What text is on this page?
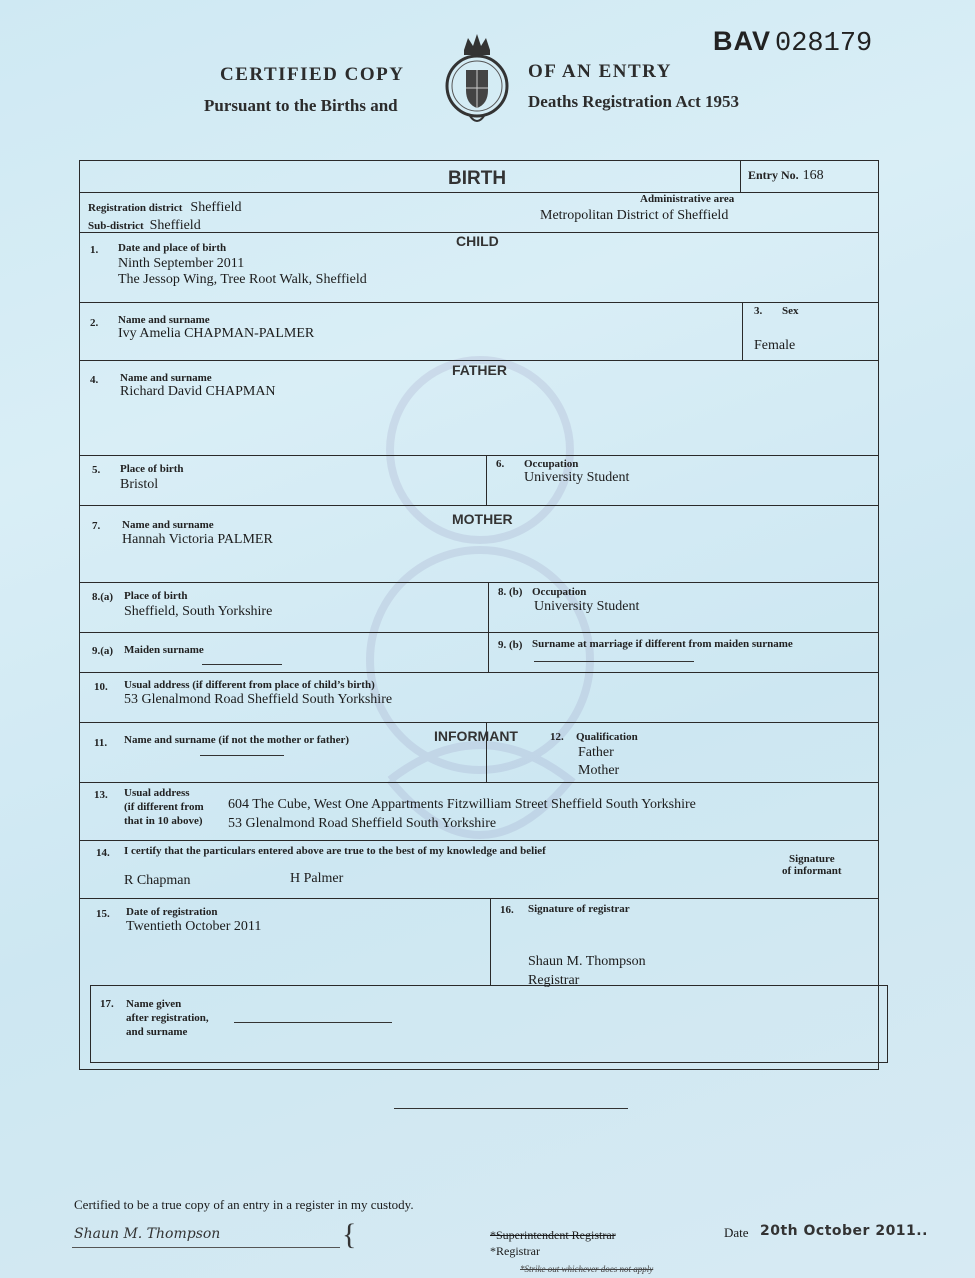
BAV 028179
CERTIFIED COPY
Pursuant to the Births and
OF AN ENTRY
Deaths Registration Act 1953
BIRTH	Entry No. 168
Registration district Sheffield
Sub-district Sheffield
Administrative area
Metropolitan District of Sheffield
CHILD
1. Date and place of birth
Ninth September 2011
The Jessop Wing, Tree Root Walk, Sheffield
2. Name and surname
Ivy Amelia CHAPMAN-PALMER
3. Sex
Female
FATHER
4. Name and surname
Richard David CHAPMAN
5. Place of birth
Bristol
6. Occupation
University Student
MOTHER
7. Name and surname
Hannah Victoria PALMER
8.(a) Place of birth
Sheffield, South Yorkshire
8. (b) Occupation
University Student
9.(a) Maiden surname	9. (b) Surname at marriage if different from maiden surname
10. Usual address (if different from place of child’s birth)
53 Glenalmond Road Sheffield South Yorkshire
INFORMANT
11. Name and surname (if not the mother or father)	12. Qualification
Father
Mother
13. Usual address
(if different from
that in 10 above)
604 The Cube, West One Appartments Fitzwilliam Street Sheffield South Yorkshire
53 Glenalmond Road Sheffield South Yorkshire
14. I certify that the particulars entered above are true to the best of my knowledge and belief
R Chapman	H Palmer
Signature
of informant
15. Date of registration
Twentieth October 2011
16. Signature of registrar
Shaun M. Thompson
Registrar
17. Name given
after registration,
and surname
Certified to be a true copy of an entry in a register in my custody.
Shaun M. Thompson	{	*Superintendent Registrar
*Registrar
*Strike out whichever does not apply
Date 20th October 2011..
